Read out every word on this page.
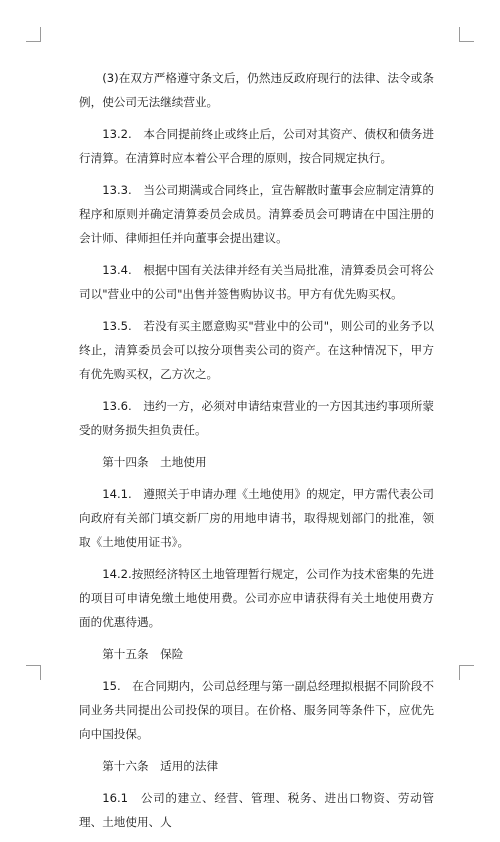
(3)在双方严格遵守条文后，仍然违反政府现行的法律、法令或条例，使公司无法继续营业。

13.2.　本合同提前终止或终止后，公司对其资产、债权和债务进行清算。在清算时应本着公平合理的原则，按合同规定执行。

13.3.　当公司期满或合同终止，宣告解散时董事会应制定清算的程序和原则并确定清算委员会成员。清算委员会可聘请在中国注册的会计师、律师担任并向董事会提出建议。

13.4.　根据中国有关法律并经有关当局批准，清算委员会可将公司以"营业中的公司"出售并签售购协议书。甲方有优先购买权。

13.5.　若没有买主愿意购买"营业中的公司"，则公司的业务予以终止，清算委员会可以按分项售卖公司的资产。在这种情况下，甲方有优先购买权，乙方次之。

13.6.　违约一方，必须对申请结束营业的一方因其违约事项所蒙受的财务损失担负责任。

第十四条　土地使用

14.1.　遵照关于申请办理《土地使用》的规定，甲方需代表公司向政府有关部门填交新厂房的用地申请书，取得规划部门的批准，领取《土地使用证书》。

14.2.按照经济特区土地管理暂行规定，公司作为技术密集的先进的项目可申请免缴土地使用费。公司亦应申请获得有关土地使用费方面的优惠待遇。

第十五条　保险

15.　在合同期内，公司总经理与第一副总经理拟根据不同阶段不同业务共同提出公司投保的项目。在价格、服务同等条件下，应优先向中国投保。

第十六条　适用的法律

16.1　公司的建立、经营、管理、税务、进出口物资、劳动管理、土地使用、人
